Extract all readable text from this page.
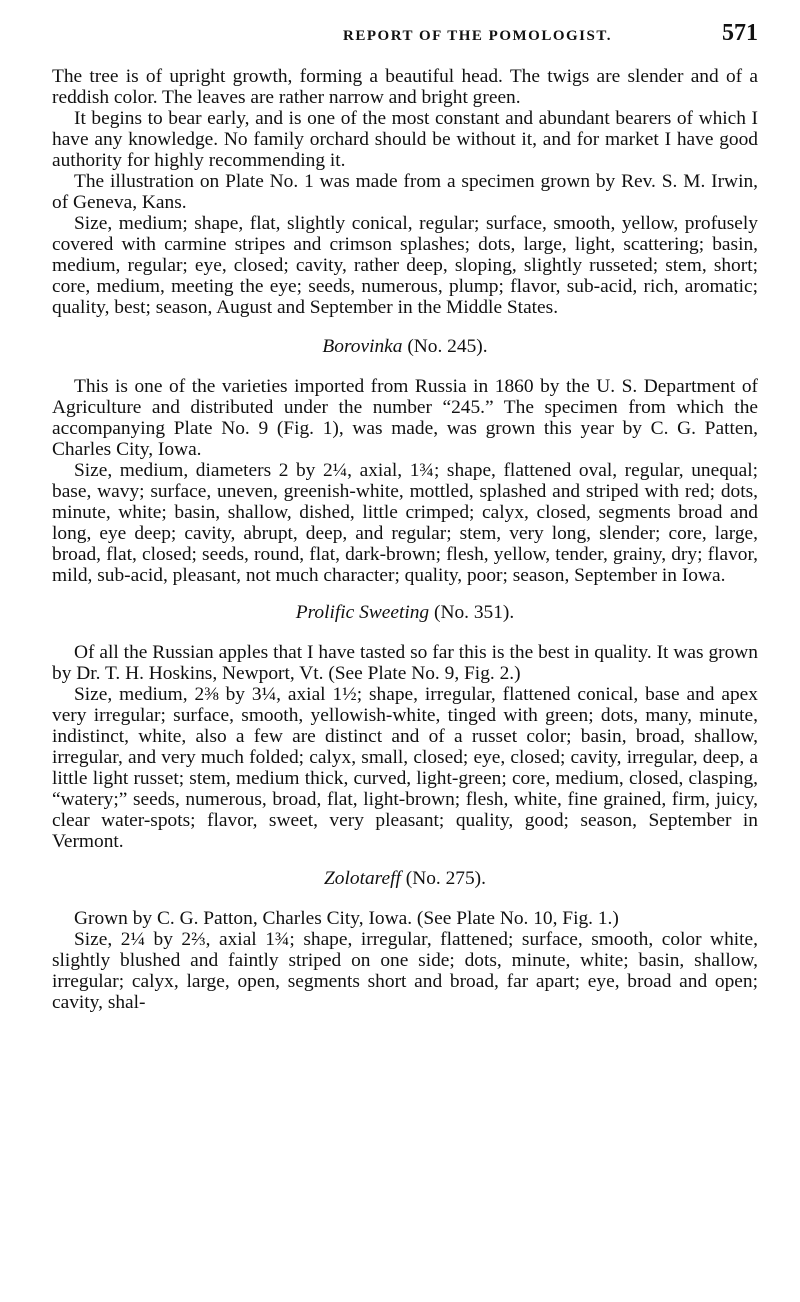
REPORT OF THE POMOLOGIST.	571

The tree is of upright growth, forming a beautiful head. The twigs are slender and of a reddish color. The leaves are rather narrow and bright green.

It begins to bear early, and is one of the most constant and abundant bearers of which I have any knowledge. No family orchard should be without it, and for market I have good authority for highly recommending it.

The illustration on Plate No. 1 was made from a specimen grown by Rev. S. M. Irwin, of Geneva, Kans.

Size, medium; shape, flat, slightly conical, regular; surface, smooth, yellow, profusely covered with carmine stripes and crimson splashes; dots, large, light, scattering; basin, medium, regular; eye, closed; cavity, rather deep, sloping, slightly russeted; stem, short; core, medium, meeting the eye; seeds, numerous, plump; flavor, sub-acid, rich, aromatic; quality, best; season, August and September in the Middle States.

Borovinka (No. 245).

This is one of the varieties imported from Russia in 1860 by the U. S. Department of Agriculture and distributed under the number “245.” The specimen from which the accompanying Plate No. 9 (Fig. 1), was made, was grown this year by C. G. Patten, Charles City, Iowa.

Size, medium, diameters 2 by 2¼, axial, 1¾; shape, flattened oval, regular, unequal; base, wavy; surface, uneven, greenish-white, mottled, splashed and striped with red; dots, minute, white; basin, shallow, dished, little crimped; calyx, closed, segments broad and long, eye deep; cavity, abrupt, deep, and regular; stem, very long, slender; core, large, broad, flat, closed; seeds, round, flat, dark-brown; flesh, yellow, tender, grainy, dry; flavor, mild, sub-acid, pleasant, not much character; quality, poor; season, September in Iowa.

Prolific Sweeting (No. 351).

Of all the Russian apples that I have tasted so far this is the best in quality. It was grown by Dr. T. H. Hoskins, Newport, Vt. (See Plate No. 9, Fig. 2.)

Size, medium, 2⅜ by 3¼, axial 1½; shape, irregular, flattened conical, base and apex very irregular; surface, smooth, yellowish-white, tinged with green; dots, many, minute, indistinct, white, also a few are distinct and of a russet color; basin, broad, shallow, irregular, and very much folded; calyx, small, closed; eye, closed; cavity, irregular, deep, a little light russet; stem, medium thick, curved, light-green; core, medium, closed, clasping, “watery;” seeds, numerous, broad, flat, light-brown; flesh, white, fine grained, firm, juicy, clear water-spots; flavor, sweet, very pleasant; quality, good; season, September in Vermont.

Zolotareff (No. 275).

Grown by C. G. Patton, Charles City, Iowa. (See Plate No. 10, Fig. 1.)

Size, 2¼ by 2⅔, axial 1¾; shape, irregular, flattened; surface, smooth, color white, slightly blushed and faintly striped on one side; dots, minute, white; basin, shallow, irregular; calyx, large, open, segments short and broad, far apart; eye, broad and open; cavity, shal-
